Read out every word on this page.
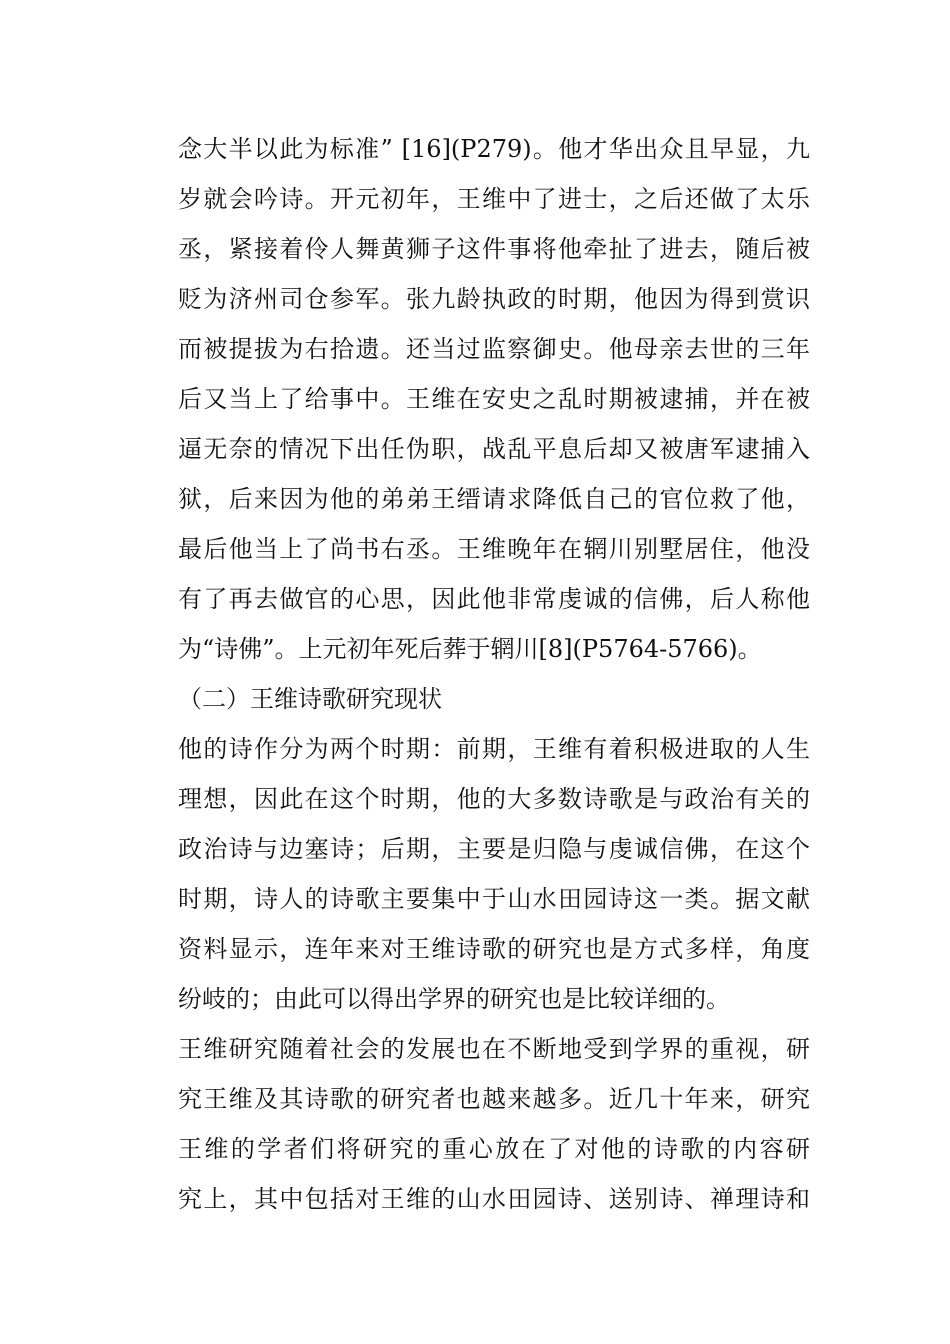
念大半以此为标准” [16](P279)。他才华出众且早显，九
岁就会吟诗。开元初年，王维中了进士，之后还做了太乐
丞，紧接着伶人舞黄狮子这件事将他牵扯了进去，随后被
贬为济州司仓参军。张九龄执政的时期，他因为得到赏识
而被提拔为右拾遗。还当过监察御史。他母亲去世的三年
后又当上了给事中。王维在安史之乱时期被逮捕，并在被
逼无奈的情况下出任伪职，战乱平息后却又被唐军逮捕入
狱，后来因为他的弟弟王缙请求降低自己的官位救了他，
最后他当上了尚书右丞。王维晚年在辋川别墅居住，他没
有了再去做官的心思，因此他非常虔诚的信佛，后人称他
为“诗佛”。上元初年死后葬于辋川[8](P5764-5766)。
（二）王维诗歌研究现状
他的诗作分为两个时期：前期，王维有着积极进取的人生
理想，因此在这个时期，他的大多数诗歌是与政治有关的
政治诗与边塞诗；后期，主要是归隐与虔诚信佛，在这个
时期，诗人的诗歌主要集中于山水田园诗这一类。据文献
资料显示，连年来对王维诗歌的研究也是方式多样，角度
纷岐的；由此可以得出学界的研究也是比较详细的。
王维研究随着社会的发展也在不断地受到学界的重视，研
究王维及其诗歌的研究者也越来越多。近几十年来，研究
王维的学者们将研究的重心放在了对他的诗歌的内容研
究上，其中包括对王维的山水田园诗、送别诗、禅理诗和
